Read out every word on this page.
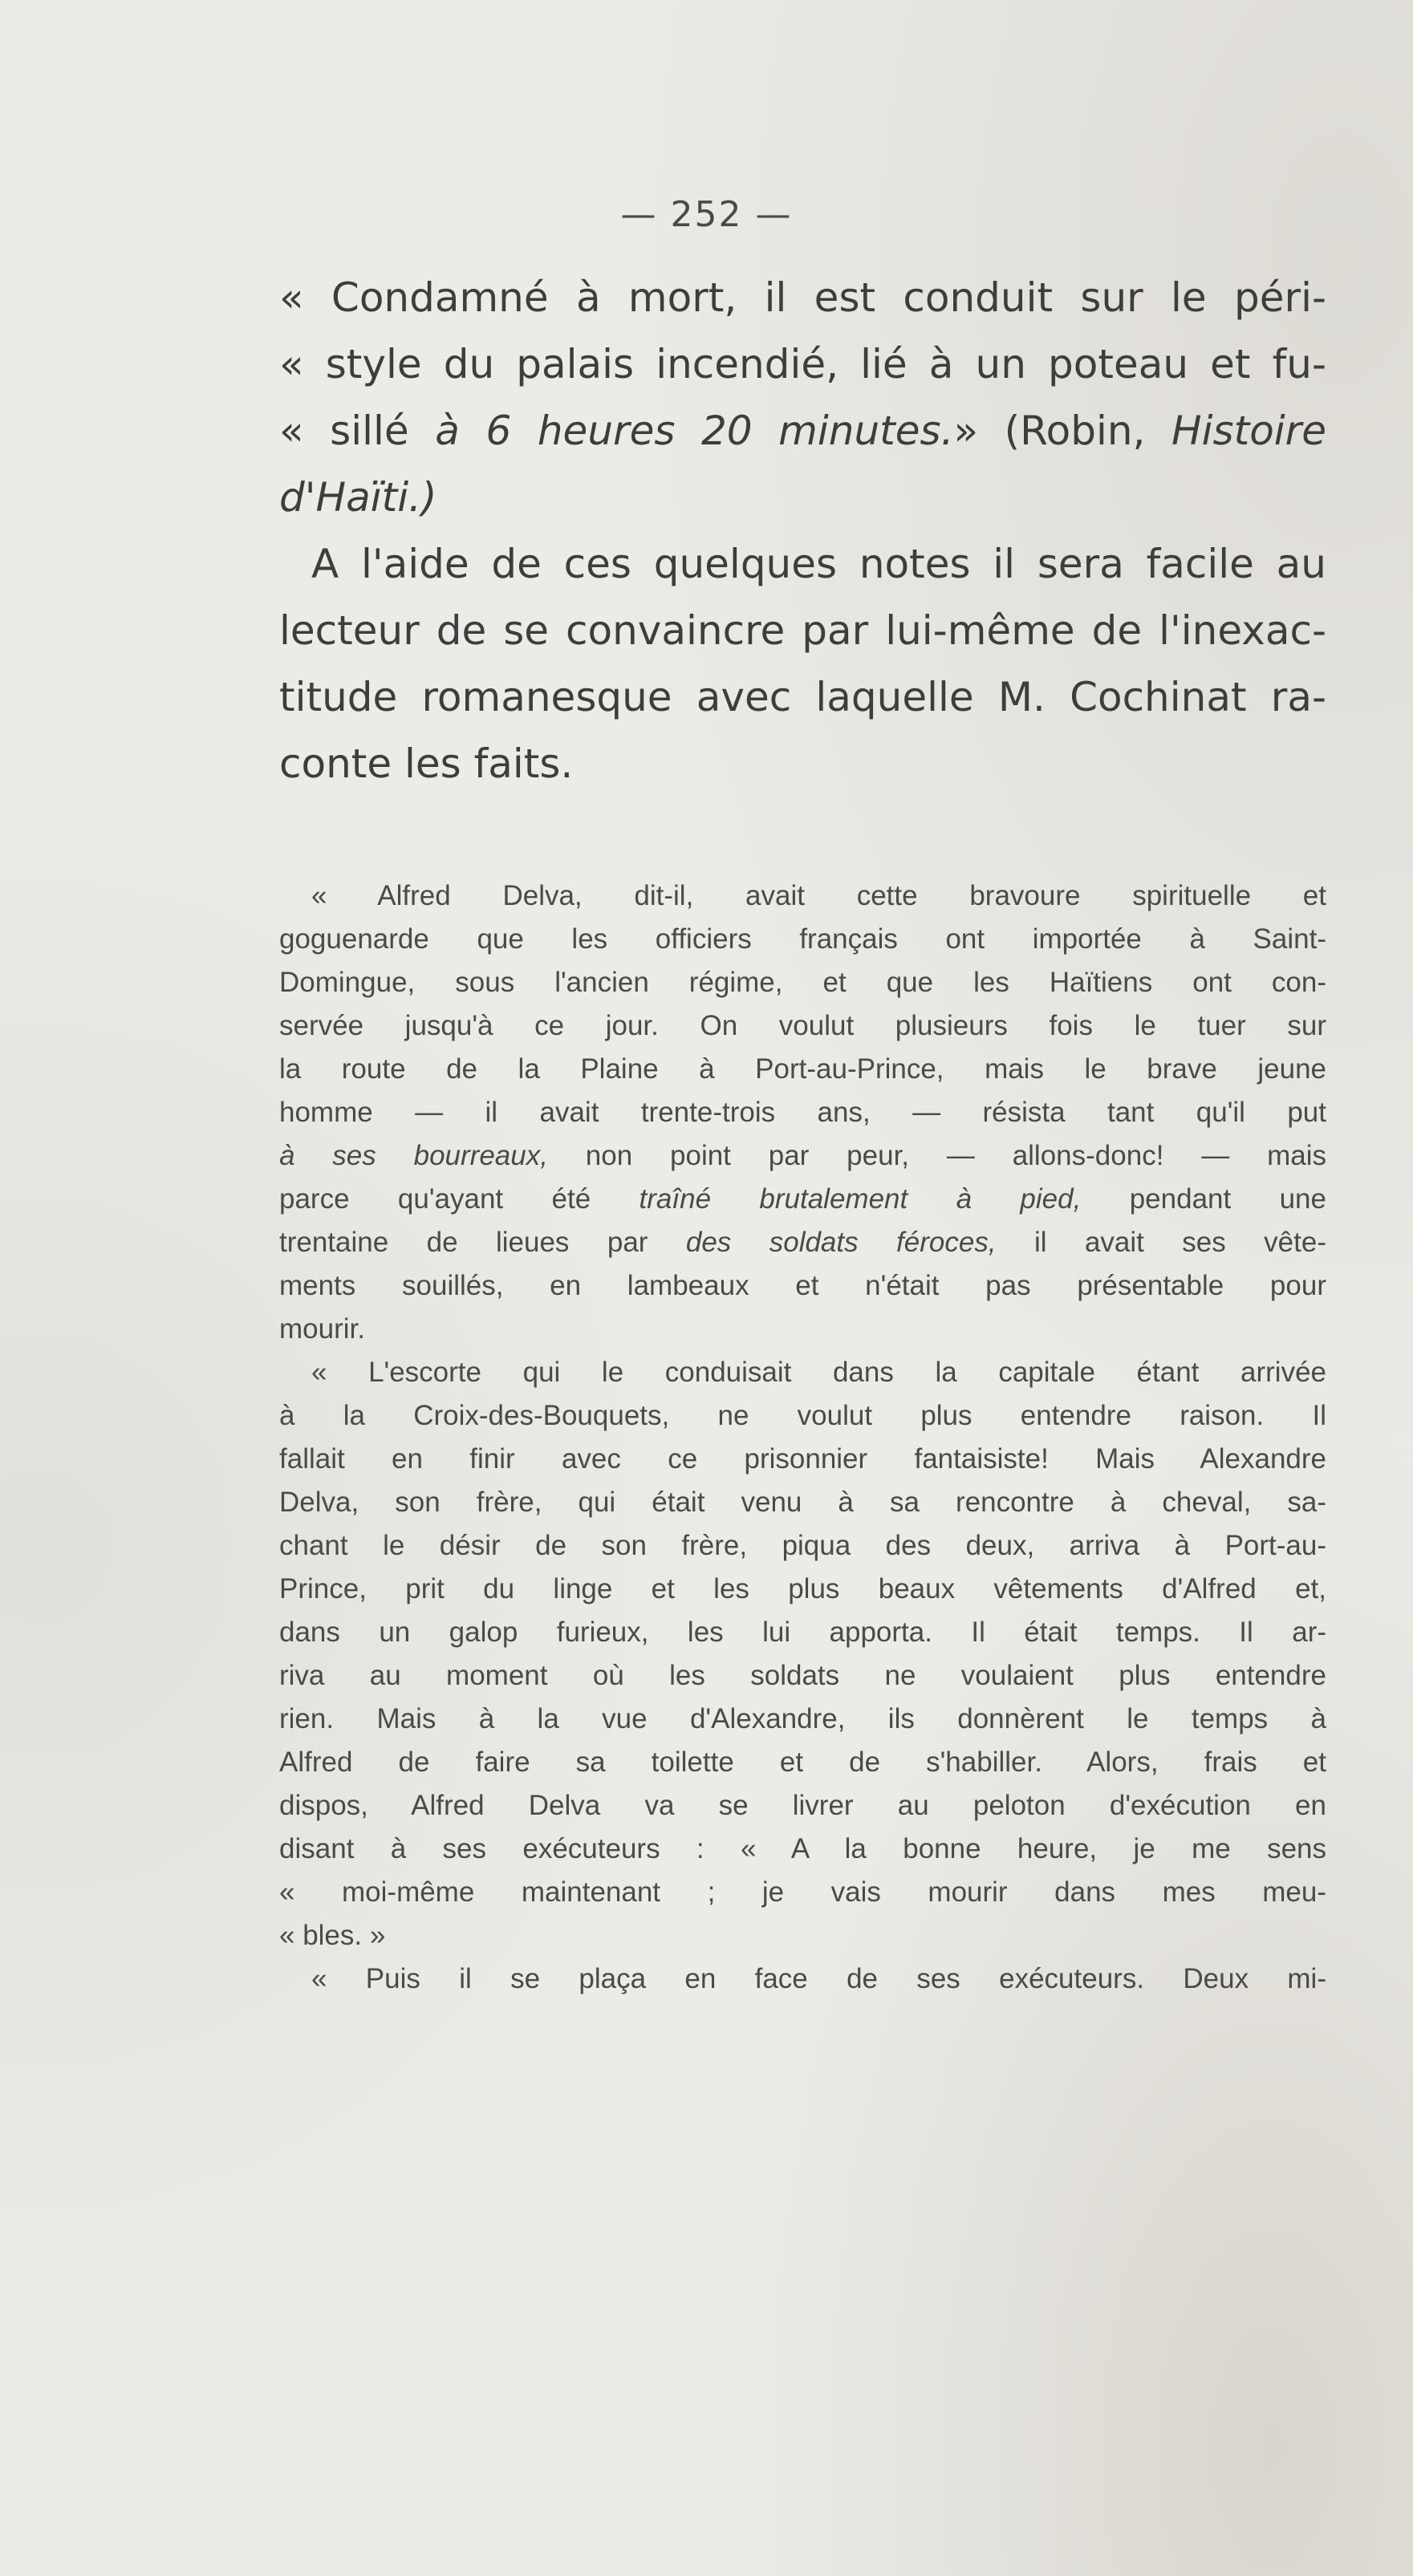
— 252 —
« Condamné à mort, il est conduit sur le péri-
« style du palais incendié, lié à un poteau et fu-
« sillé à 6 heures 20 minutes.» (Robin, Histoire
d'Haïti.)
A l'aide de ces quelques notes il sera facile au
lecteur de se convaincre par lui-même de l'inexac-
titude romanesque avec laquelle M. Cochinat ra-
conte les faits.
« Alfred Delva, dit-il, avait cette bravoure spirituelle et
goguenarde que les officiers français ont importée à Saint-
Domingue, sous l'ancien régime, et que les Haïtiens ont con-
servée jusqu'à ce jour. On voulut plusieurs fois le tuer sur
la route de la Plaine à Port-au-Prince, mais le brave jeune
homme — il avait trente-trois ans, — résista tant qu'il put
à ses bourreaux, non point par peur, — allons-donc! — mais
parce qu'ayant été traîné brutalement à pied, pendant une
trentaine de lieues par des soldats féroces, il avait ses vête-
ments souillés, en lambeaux et n'était pas présentable pour
mourir.
« L'escorte qui le conduisait dans la capitale étant arrivée
à la Croix-des-Bouquets, ne voulut plus entendre raison. Il
fallait en finir avec ce prisonnier fantaisiste! Mais Alexandre
Delva, son frère, qui était venu à sa rencontre à cheval, sa-
chant le désir de son frère, piqua des deux, arriva à Port-au-
Prince, prit du linge et les plus beaux vêtements d'Alfred et,
dans un galop furieux, les lui apporta. Il était temps. Il ar-
riva au moment où les soldats ne voulaient plus entendre
rien. Mais à la vue d'Alexandre, ils donnèrent le temps à
Alfred de faire sa toilette et de s'habiller. Alors, frais et
dispos, Alfred Delva va se livrer au peloton d'exécution en
disant à ses exécuteurs : « A la bonne heure, je me sens
« moi-même maintenant ; je vais mourir dans mes meu-
« bles. »
« Puis il se plaça en face de ses exécuteurs. Deux mi-
